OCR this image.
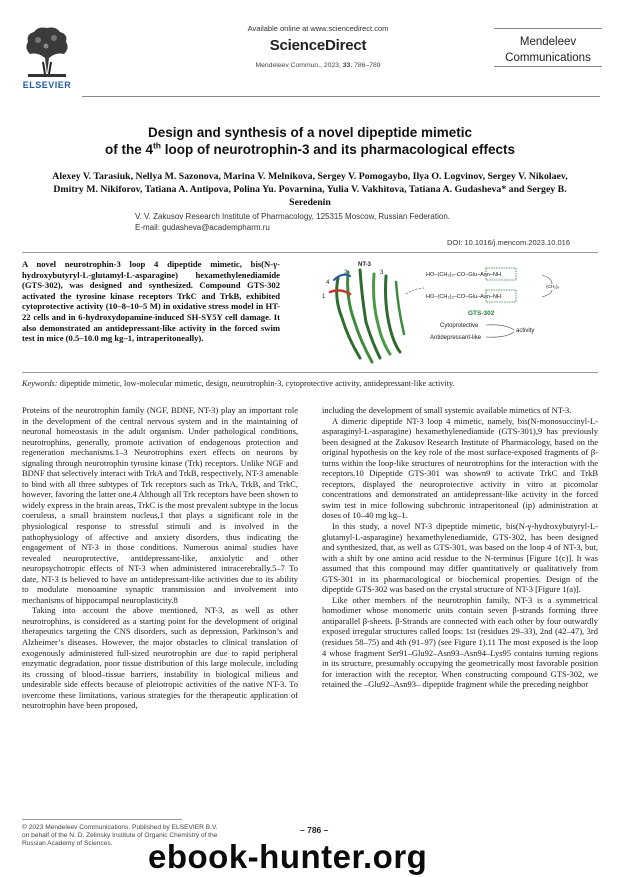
ELSEVIER
Available online at www.sciencedirect.com
ScienceDirect
Mendeleev Commun., 2023, 33, 786–789
Mendeleev
Communications
Design and synthesis of a novel dipeptide mimetic
of the 4th loop of neurotrophin-3 and its pharmacological effects
Alexey V. Tarasiuk, Nellya M. Sazonova, Marina V. Melnikova, Sergey V. Pomogaybo, Ilya O. Logvinov, Sergey V. Nikolaev, Dmitry M. Nikiforov, Tatiana A. Antipova, Polina Yu. Povarnina, Yulia V. Vakhitova, Tatiana A. Gudasheva* and Sergey B. Seredenin
V. V. Zakusov Research Institute of Pharmacology, 125315 Moscow, Russian Federation.
E-mail: gudasheva@academpharm.ru
DOI: 10.1016/j.mencom.2023.10.016
A novel neurotrophin-3 loop 4 dipeptide mimetic, bis(N-γ-hydroxybutyryl-L-glutamyl-L-asparagine) hexamethylenediamide (GTS-302), was designed and synthesized. Compound GTS-302 activated the tyrosine kinase receptors TrkC and TrkB, exhibited cytoprotective activity (10–8–10–5 M) in oxidative stress model in HT-22 cells and in 6-hydroxydopamine-induced SH-SY5Y cell damage. It also demonstrated an antidepressant-like activity in the forced swim test in mice (0.5–10.0 mg kg–1, intraperitoneally).
NT-3
2	3
1
4
HO–(CH₂)₃–CO–Glu–Asn–NH
HO–(CH₂)₃–CO–Glu–Asn–NH
(CH₂)₆
GTS-302
Cytoprotective
Antidepressant-like
activity
Keywords: dipeptide mimetic, low-molecular mimetic, design, neurotrophin-3, cytoprotective activity, antidepressant-like activity.

Proteins of the neurotrophin family (NGF, BDNF, NT-3) play an important role in the development of the central nervous system and in the maintaining of neuronal homeostasis in the adult organism. Under pathological conditions, neurotrophins, generally, promote activation of endogenous protection and regeneration mechanisms.1–3 Neurotrophins exert effects on neurons by signaling through neurotrophin tyrosine kinase (Trk) receptors. Unlike NGF and BDNF that selectively interact with TrkA and TrkB, respectively, NT-3 amenable to bind with all three subtypes of Trk receptors such as TrkA, TrkB, and TrkC, however, favoring the latter one.4 Although all Trk receptors have been shown to widely express in the brain areas, TrkC is the most prevalent subtype in the locus coeruleus, a small brainstem nucleus,1 that plays a significant role in the physiological response to stressful stimuli and is involved in the pathophysiology of affective and anxiety disorders, thus indicating the engagement of NT-3 in those conditions. Numerous animal studies have revealed neuroprotective, antidepressant-like, anxiolytic and other neuropsychotropic effects of NT-3 when administered intracerebrally.5–7 To date, NT-3 is believed to have an antidepressant-like activities due to its ability to modulate monoamine synaptic transmission and involvement into mechanisms of hippocampal neuroplasticity.8

Taking into account the above mentioned, NT-3, as well as other neurotrophins, is considered as a starting point for the development of original therapeutics targeting the CNS disorders, such as depression, Parkinson’s and Alzheimer’s diseases. However, the major obstacles to clinical translation of exogenously administered full-sized neurotrophin are due to rapid peripheral enzymatic degradation, poor tissue distribution of this large molecule, including its crossing of blood–tissue barriers, instability in biological milieus and undesirable side effects because of pleiotropic activities of the native NT-3. To overcome these limitations, various strategies for the therapeutic application of neurotrophin have been proposed,

including the development of small systemic available mimetics of NT-3.

A dimeric dipeptide NT-3 loop 4 mimetic, namely, bis(N-monosuccinyl-L-asparaginyl-L-asparagine) hexamethylenediamide (GTS-301),9 has previously been designed at the Zakusov Research Institute of Pharmacology, based on the original hypothesis on the key role of the most surface-exposed fragments of β-turns within the loop-like structures of neurotrophins for the interaction with the receptors.10 Dipeptide GTS-301 was shown9 to activate TrkC and TrkB receptors, displayed the neuroprotective activity in vitro at picomolar concentrations and demonstrated an antidepressant-like activity in the forced swim test in mice following subchronic intraperitoneal (ip) administration at doses of 10–40 mg kg–1.

In this study, a novel NT-3 dipeptide mimetic, bis(N-γ-hydroxybutyryl-L-glutamyl-L-asparagine) hexamethylenediamide, GTS-302, has been designed and synthesized, that, as well as GTS-301, was based on the loop 4 of NT-3, but, with a shift by one amino acid residue to the N-terminus [Figure 1(c)]. It was assumed that this compound may differ quantitatively or qualitatively from GTS-301 in its pharmacological or biochemical properties. Design of the dipeptide GTS-302 was based on the crystal structure of NT-3 [Figure 1(a)].

Like other members of the neurotrophin family, NT-3 is a symmetrical homodimer whose monomeric units contain seven β-strands forming three antiparallel β-sheets. β-Strands are connected with each other by four outwardly exposed irregular structures called loops: 1st (residues 29–33), 2nd (42–47), 3rd (residues 58–75) and 4th (91–97) (see Figure 1).11 The most exposed is the loop 4 whose fragment Ser91–Glu92–Asn93–Asn94–Lys95 contains turning regions in its structure, presumably occupying the geometrically most favorable position for interaction with the receptor. When constructing compound GTS-302, we retained the –Glu92–Asn93– dipeptide fragment while the preceding neighbor

© 2023 Mendeleev Communications. Published by ELSEVIER B.V.
on behalf of the N. D. Zelinsky Institute of Organic Chemistry of the
Russian Academy of Sciences.
– 786 –
ebook-hunter.org
